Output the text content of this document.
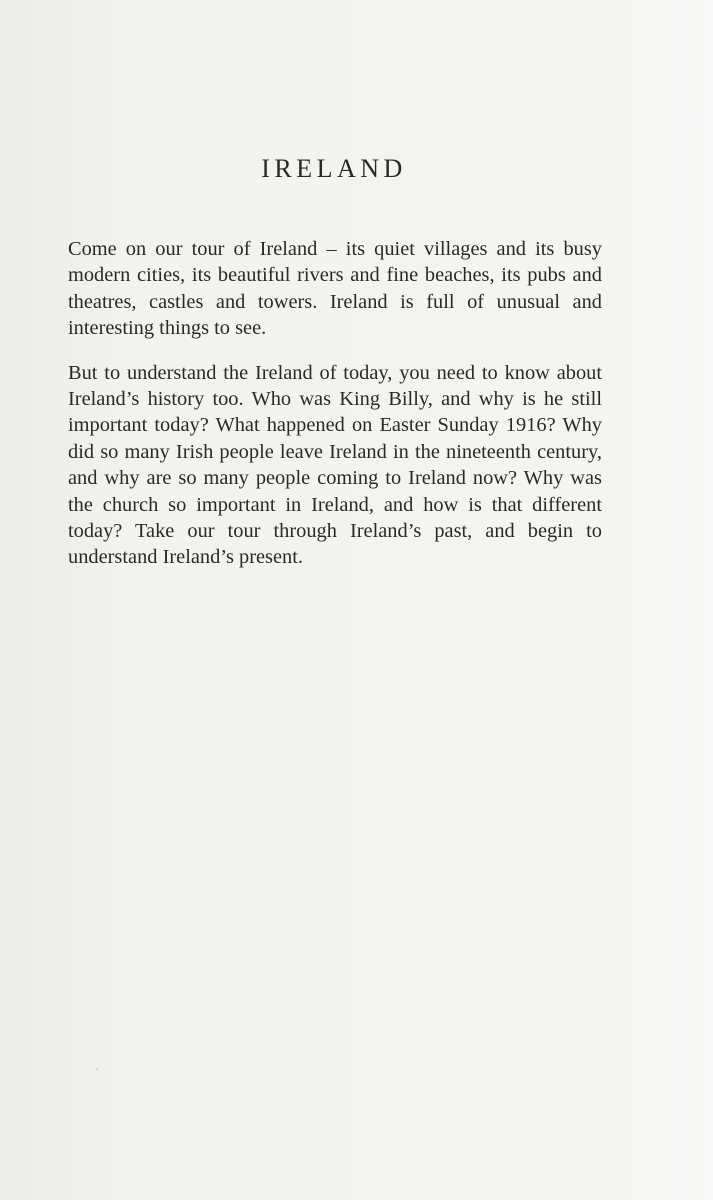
IRELAND

Come on our tour of Ireland – its quiet villages and its busy modern cities, its beautiful rivers and fine beaches, its pubs and theatres, castles and towers. Ireland is full of unusual and interesting things to see.

But to understand the Ireland of today, you need to know about Ireland’s history too. Who was King Billy, and why is he still important today? What happened on Easter Sunday 1916? Why did so many Irish people leave Ireland in the nineteenth century, and why are so many people coming to Ireland now? Why was the church so important in Ireland, and how is that different today? Take our tour through Ireland’s past, and begin to understand Ireland’s present.
